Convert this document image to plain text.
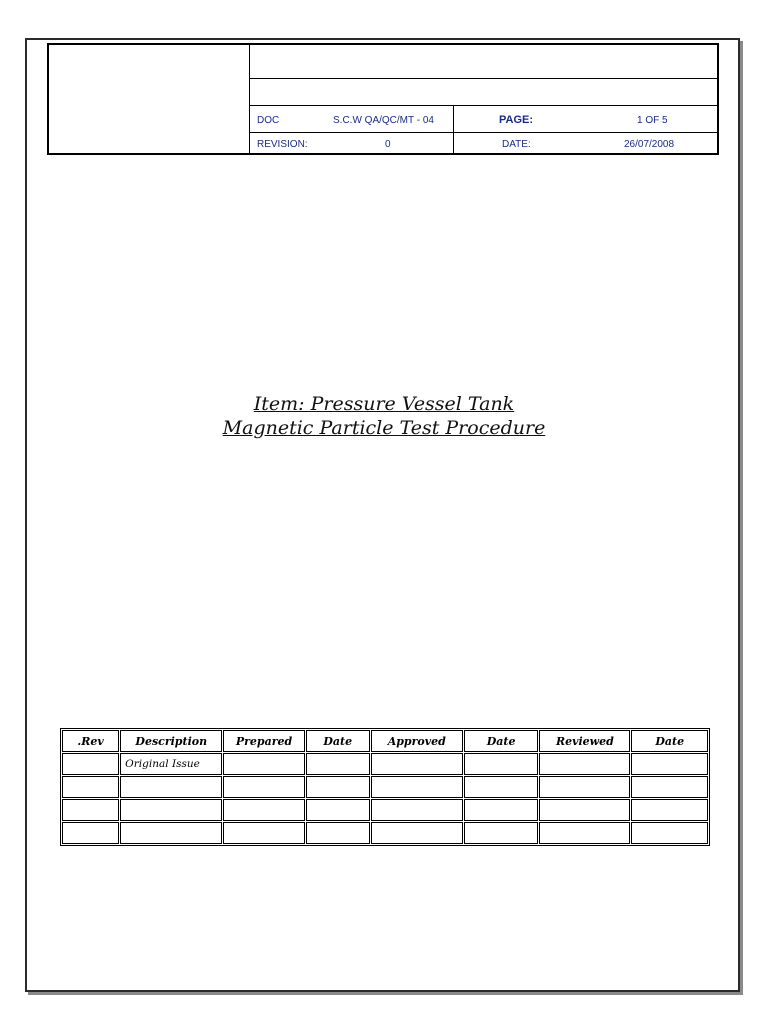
DOC	S.C.W QA/QC/MT - 04	PAGE:	1 OF 5
REVISION:	0	DATE:	26/07/2008
Item: Pressure Vessel Tank
Magnetic Particle Test Procedure
.Rev	Description	Prepared	Date	Approved	Date	Reviewed	Date
	Original Issue						
